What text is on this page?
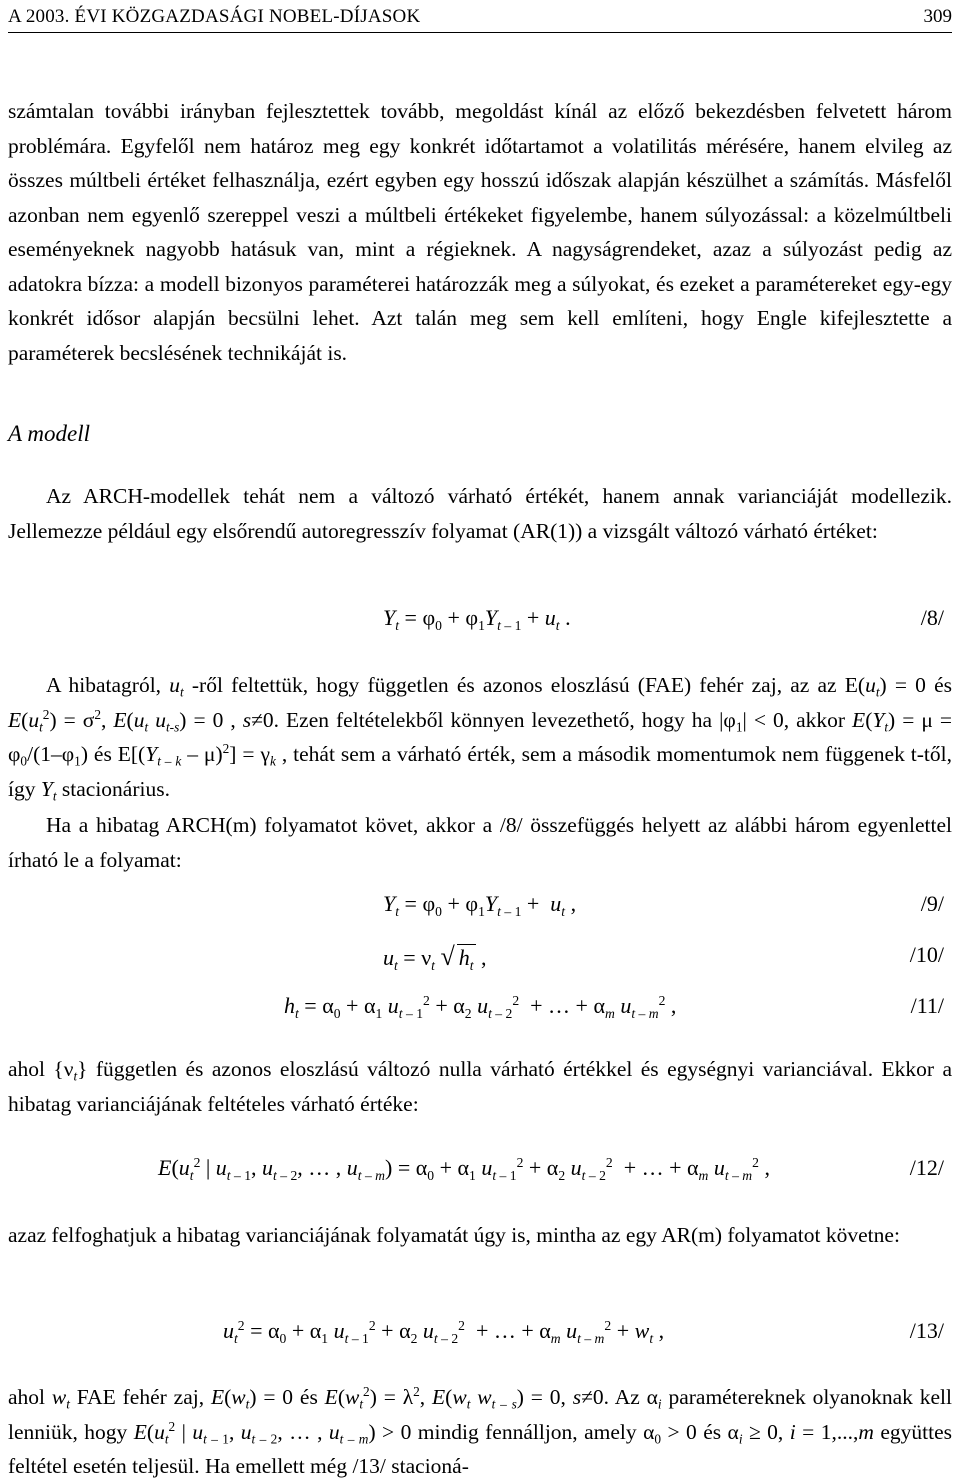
A 2003. ÉVI KÖZGAZDASÁGI NOBEL-DÍJASOK	309
számtalan további irányban fejlesztettek tovább, megoldást kínál az előző bekezdésben felvetett három problémára. Egyfelől nem határoz meg egy konkrét időtartamot a volatilitás mérésére, hanem elvileg az összes múltbeli értéket felhasználja, ezért egyben egy hosszú időszak alapján készülhet a számítás. Másfelől azonban nem egyenlő szereppel veszi a múltbeli értékeket figyelembe, hanem súlyozással: a közelmúltbeli eseményeknek nagyobb hatásuk van, mint a régieknek. A nagyságrendeket, azaz a súlyozást pedig az adatokra bízza: a modell bizonyos paraméterei határozzák meg a súlyokat, és ezeket a paramétereket egy-egy konkrét idősor alapján becsülni lehet. Azt talán meg sem kell említeni, hogy Engle kifejlesztette a paraméterek becslésének technikáját is.
A modell
Az ARCH-modellek tehát nem a változó várható értékét, hanem annak varianciáját modellezik. Jellemezze például egy elsőrendű autoregresszív folyamat (AR(1)) a vizsgált változó várható értéket:
$Y_t = \varphi_0 + \varphi_1Y_{t - 1} + u_t$ .	/8/
A hibatagról, $u_t$ -ről feltettük, hogy független és azonos eloszlású (FAE) fehér zaj, az az $E(u_t) = 0$ és $E(u_t^2) = \sigma^2$, $E(u_t$ $u_{t-s}) = 0$ , s≠0. Ezen feltételekből könnyen levezethető, hogy ha $|\varphi_1| < 0$, akkor $E(Y_t) = \mu = \varphi_0/(1-\varphi_1)$ és $E[(Y_{t - k} - \mu)^2] = \gamma_k$ , tehát sem a várható érték, sem a második momentumok nem függenek t-től, így $Y_t$ stacionárius.
Ha a hibatag ARCH(m) folyamatot követ, akkor a /8/ összefüggés helyett az alábbi három egyenlettel írható le a folyamat:
$Y_t = \varphi_0 + \varphi_1Y_{t - 1} + u_t$ ,	/9/
$u_t = \nu_t$ √ $h_t$ ,	/10/
$h_t = \alpha_0 + \alpha_1$ $u_{t - 1}^2 + \alpha_2$ $u_{t - 2}^2$  + … + $\alpha_m$ $u_{t - m}^2$ ,	/11/
ahol $\{\nu_t\}$ független és azonos eloszlású változó nulla várható értékkel és egységnyi varianciával. Ekkor a hibatag varianciájának feltételes várható értéke:
$E(u_t^2$ | $u_{t - 1}$, $u_{t - 2}$, … , $u_{t - m}) = \alpha_0 + \alpha_1$ $u_{t - 1}^2 + \alpha_2$ $u_{t - 2}^2$  + … + $\alpha_m$ $u_{t - m}^2$ ,	/12/
azaz felfoghatjuk a hibatag varianciájának folyamatát úgy is, mintha az egy AR(m) folyamatot követne:
$u_t^2 = \alpha_0 + \alpha_1$ $u_{t - 1}^2 + \alpha_2$ $u_{t - 2}^2$  + … + $\alpha_m$ $u_{t - m}^2 + w_t$ ,	/13/
ahol $w_t$ FAE fehér zaj, $E(w_t) = 0$ és $E(w_t^2) = \lambda^2$, $E(w_t$ $w_{t - s}) = 0$, s≠0. Az $\alpha_i$ paramétereknek olyanoknak kell lenniük, hogy $E(u_t^2$ | $u_{t - 1}$, $u_{t - 2}$, … , $u_{t - m}) > 0$ mindig fennálljon, amely $\alpha_0 > 0$ és $\alpha_i \ge 0$, i = 1,...,m együttes feltétel esetén teljesül. Ha emellett még /13/ stacioná-
